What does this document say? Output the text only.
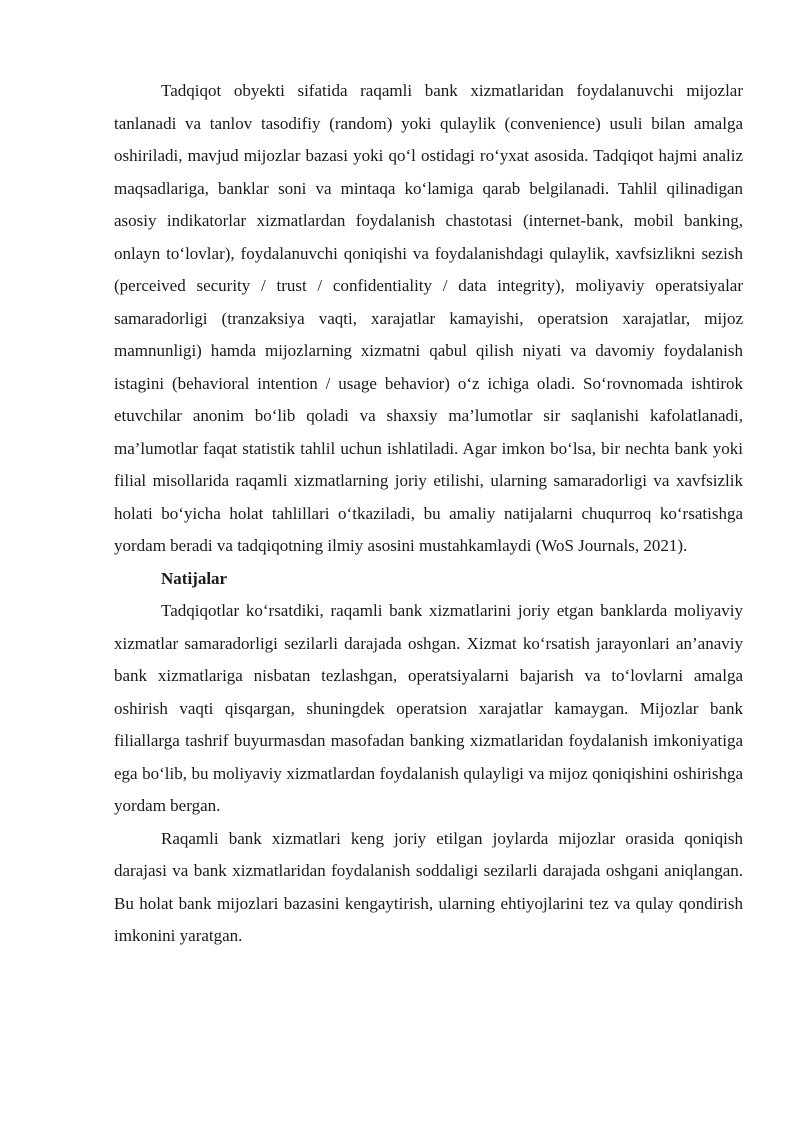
Tadqiqot obyekti sifatida raqamli bank xizmatlaridan foydalanuvchi mijozlar tanlanadi va tanlov tasodifiy (random) yoki qulaylik (convenience) usuli bilan amalga oshiriladi, mavjud mijozlar bazasi yoki qo‘l ostidagi ro‘yxat asosida. Tadqiqot hajmi analiz maqsadlariga, banklar soni va mintaqa ko‘lamiga qarab belgilanadi. Tahlil qilinadigan asosiy indikatorlar xizmatlardan foydalanish chastotasi (internet-bank, mobil banking, onlayn to‘lovlar), foydalanuvchi qoniqishi va foydalanishdagi qulaylik, xavfsizlikni sezish (perceived security / trust / confidentiality / data integrity), moliyaviy operatsiyalar samaradorligi (tranzaksiya vaqti, xarajatlar kamayishi, operatsion xarajatlar, mijoz mamnunligi) hamda mijozlarning xizmatni qabul qilish niyati va davomiy foydalanish istagini (behavioral intention / usage behavior) o‘z ichiga oladi. So‘rovnomada ishtirok etuvchilar anonim bo‘lib qoladi va shaxsiy ma’lumotlar sir saqlanishi kafolatlanadi, ma’lumotlar faqat statistik tahlil uchun ishlatiladi. Agar imkon bo‘lsa, bir nechta bank yoki filial misollarida raqamli xizmatlarning joriy etilishi, ularning samaradorligi va xavfsizlik holati bo‘yicha holat tahlillari o‘tkaziladi, bu amaliy natijalarni chuqurroq ko‘rsatishga yordam beradi va tadqiqotning ilmiy asosini mustahkamlaydi (WoS Journals, 2021).

Natijalar

Tadqiqotlar ko‘rsatdiki, raqamli bank xizmatlarini joriy etgan banklarda moliyaviy xizmatlar samaradorligi sezilarli darajada oshgan. Xizmat ko‘rsatish jarayonlari an’anaviy bank xizmatlariga nisbatan tezlashgan, operatsiyalarni bajarish va to‘lovlarni amalga oshirish vaqti qisqargan, shuningdek operatsion xarajatlar kamaygan. Mijozlar bank filiallarga tashrif buyurmasdan masofadan banking xizmatlaridan foydalanish imkoniyatiga ega bo‘lib, bu moliyaviy xizmatlardan foydalanish qulayligi va mijoz qoniqishini oshirishga yordam bergan.

Raqamli bank xizmatlari keng joriy etilgan joylarda mijozlar orasida qoniqish darajasi va bank xizmatlaridan foydalanish soddaligi sezilarli darajada oshgani aniqlangan. Bu holat bank mijozlari bazasini kengaytirish, ularning ehtiyojlarini tez va qulay qondirish imkonini yaratgan.
